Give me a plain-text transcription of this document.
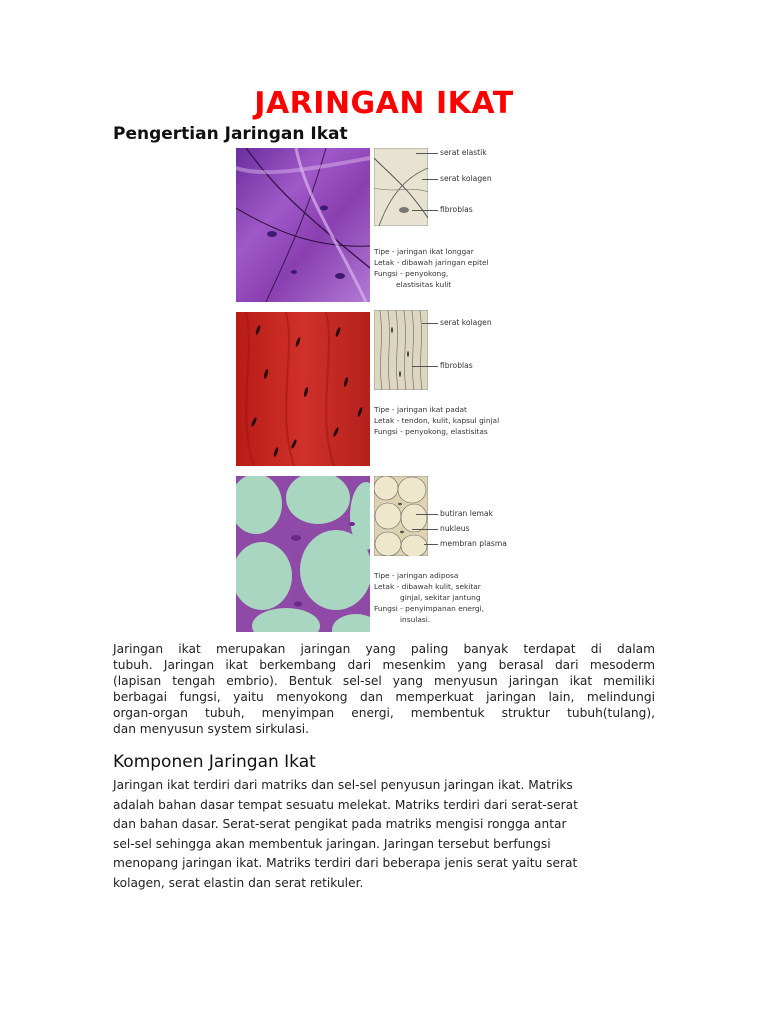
JARINGAN IKAT
Pengertian Jaringan Ikat
serat elastik
serat kolagen
fibroblas
Tipe - jaringan ikat longgar
Letak - dibawah jaringan epitel
Fungsi - penyokong,
elastisitas kulit
serat kolagen
fibroblas
Tipe - jaringan ikat padat
Letak - tendon, kulit, kapsul ginjal
Fungsi - penyokong, elastisitas
butiran lemak
nukleus
membran plasma
Tipe - jaringan adiposa
Letak - dibawah kulit, sekitar
ginjal, sekitar jantung
Fungsi - penyimpanan energi,
insulasi.
Jaringan ikat merupakan jaringan yang paling banyak terdapat di dalam
tubuh. Jaringan ikat berkembang dari mesenkim yang berasal dari mesoderm
(lapisan tengah embrio). Bentuk sel-sel yang menyusun jaringan ikat memiliki
berbagai fungsi, yaitu menyokong dan memperkuat jaringan lain, melindungi
organ-organ tubuh, menyimpan energi, membentuk struktur tubuh(tulang),
dan menyusun system sirkulasi.
Komponen Jaringan Ikat
Jaringan ikat terdiri dari matriks dan sel-sel penyusun jaringan ikat. Matriks
adalah bahan dasar tempat sesuatu melekat. Matriks terdiri dari serat-serat
dan bahan dasar. Serat-serat pengikat pada matriks mengisi rongga antar
sel-sel sehingga akan membentuk jaringan. Jaringan tersebut berfungsi
menopang jaringan ikat. Matriks terdiri dari beberapa jenis serat yaitu serat
kolagen, serat elastin dan serat retikuler.
